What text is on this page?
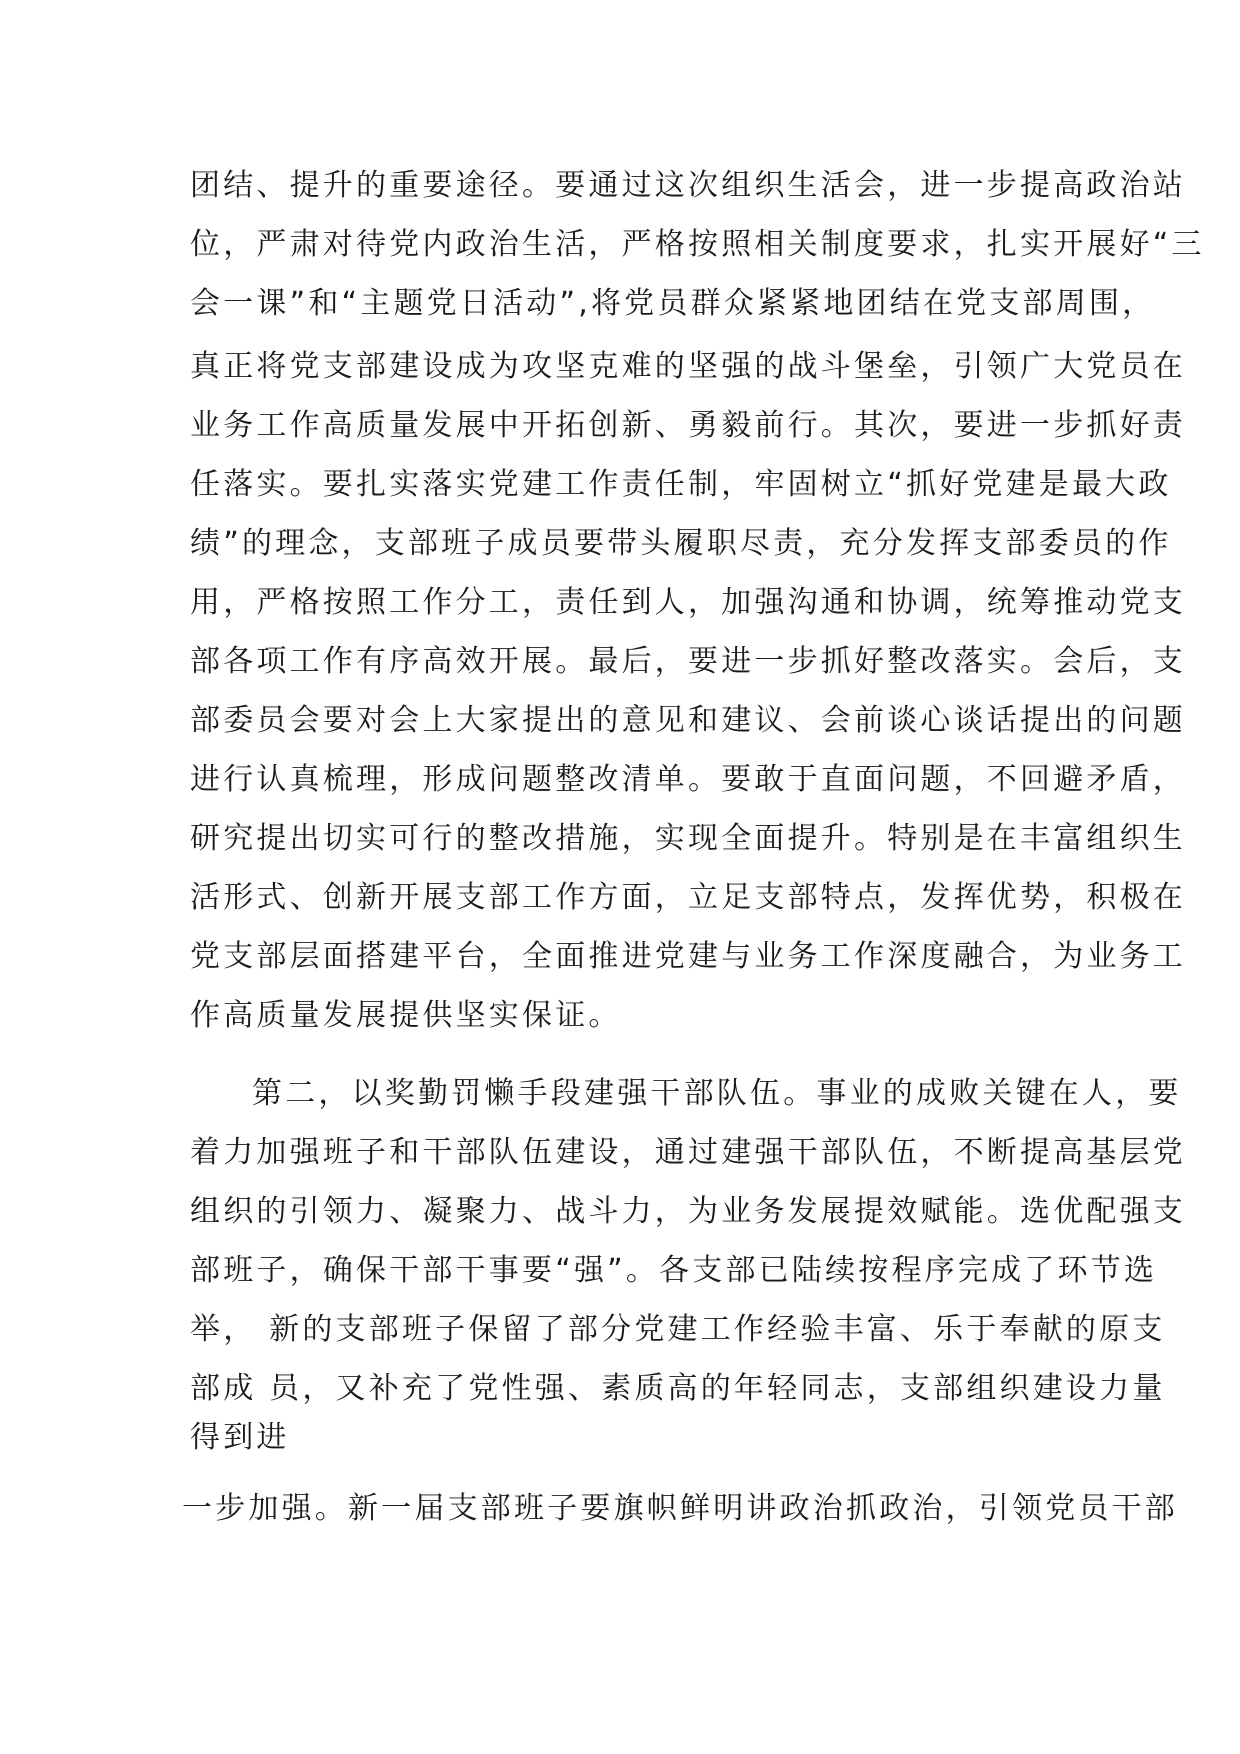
团结、提升的重要途径。要通过这次组织生活会，进一步提高政治站
位，严肃对待党内政治生活，严格按照相关制度要求，扎实开展好“三
会一课”和“主题党日活动”,将党员群众紧紧地团结在党支部周围，
真正将党支部建设成为攻坚克难的坚强的战斗堡垒，引领广大党员在
业务工作高质量发展中开拓创新、勇毅前行。其次，要进一步抓好责
任落实。要扎实落实党建工作责任制，牢固树立“抓好党建是最大政
绩”的理念，支部班子成员要带头履职尽责，充分发挥支部委员的作
用，严格按照工作分工，责任到人，加强沟通和协调，统筹推动党支
部各项工作有序高效开展。最后，要进一步抓好整改落实。会后，支
部委员会要对会上大家提出的意见和建议、会前谈心谈话提出的问题
进行认真梳理，形成问题整改清单。要敢于直面问题，不回避矛盾，
研究提出切实可行的整改措施，实现全面提升。特别是在丰富组织生
活形式、创新开展支部工作方面，立足支部特点，发挥优势，积极在
党支部层面搭建平台，全面推进党建与业务工作深度融合，为业务工
作高质量发展提供坚实保证。
第二，以奖勤罚懒手段建强干部队伍。事业的成败关键在人，要
着力加强班子和干部队伍建设，通过建强干部队伍，不断提高基层党
组织的引领力、凝聚力、战斗力，为业务发展提效赋能。选优配强支
部班子，确保干部干事要“强”。各支部已陆续按程序完成了环节选
举， 新的支部班子保留了部分党建工作经验丰富、乐于奉献的原支
部成 员，又补充了党性强、素质高的年轻同志，支部组织建设力量
得到进
一步加强。新一届支部班子要旗帜鲜明讲政治抓政治，引领党员干部
